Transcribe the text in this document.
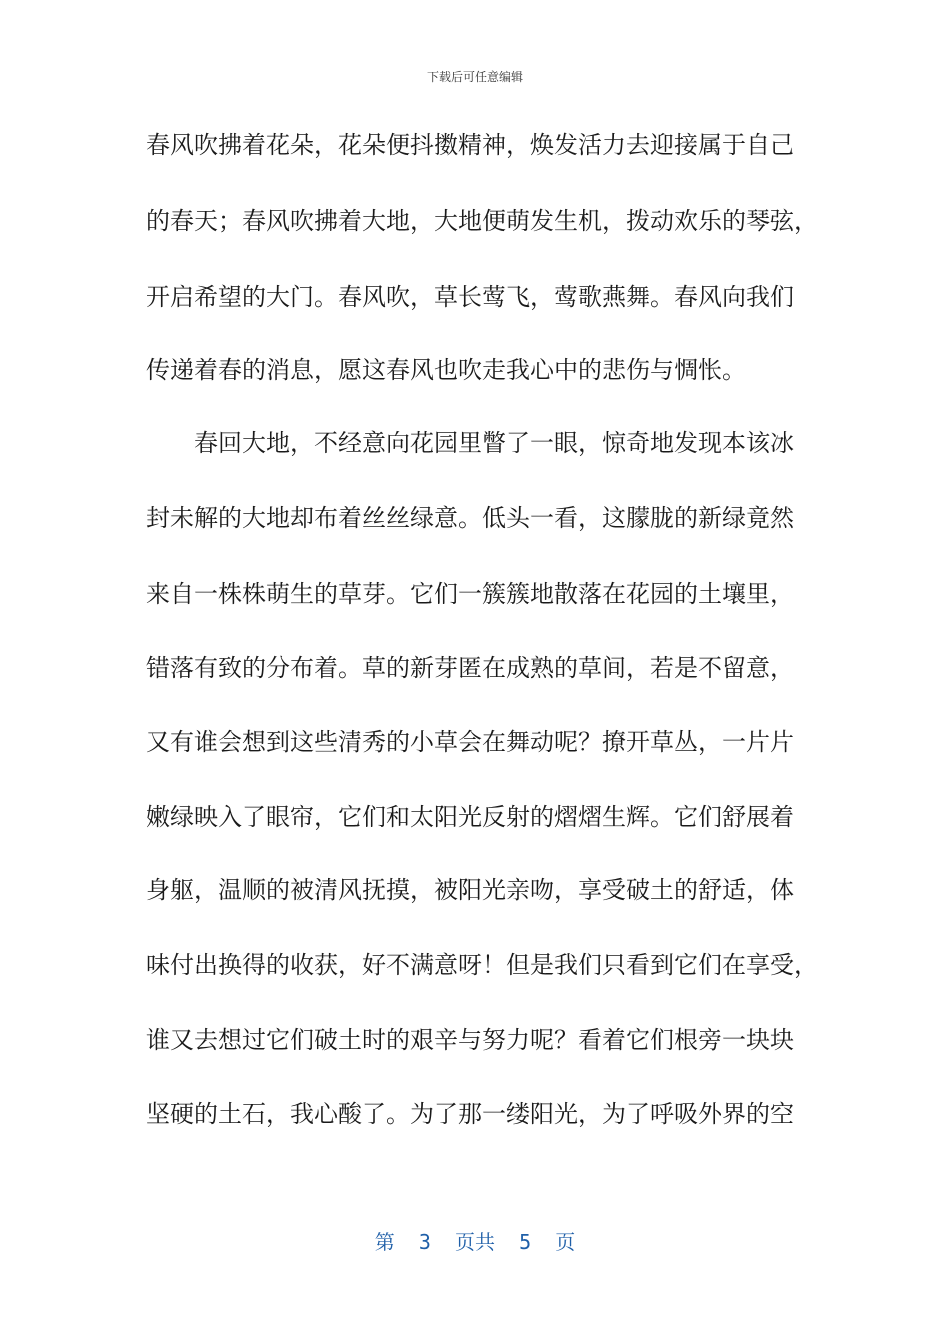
下载后可任意编辑
春风吹拂着花朵，花朵便抖擞精神，焕发活力去迎接属于自己
的春天；春风吹拂着大地，大地便萌发生机，拨动欢乐的琴弦，
开启希望的大门。春风吹，草长莺飞，莺歌燕舞。春风向我们
传递着春的消息，愿这春风也吹走我心中的悲伤与惆怅。
　　春回大地，不经意向花园里瞥了一眼，惊奇地发现本该冰
封未解的大地却布着丝丝绿意。低头一看，这朦胧的新绿竟然
来自一株株萌生的草芽。它们一簇簇地散落在花园的土壤里，
错落有致的分布着。草的新芽匿在成熟的草间，若是不留意，
又有谁会想到这些清秀的小草会在舞动呢？撩开草丛，一片片
嫩绿映入了眼帘，它们和太阳光反射的熠熠生辉。它们舒展着
身躯，温顺的被清风抚摸，被阳光亲吻，享受破土的舒适，体
味付出换得的收获，好不满意呀！但是我们只看到它们在享受，
谁又去想过它们破土时的艰辛与努力呢？看着它们根旁一块块
坚硬的土石，我心酸了。为了那一缕阳光，为了呼吸外界的空
第  3  页共  5  页
